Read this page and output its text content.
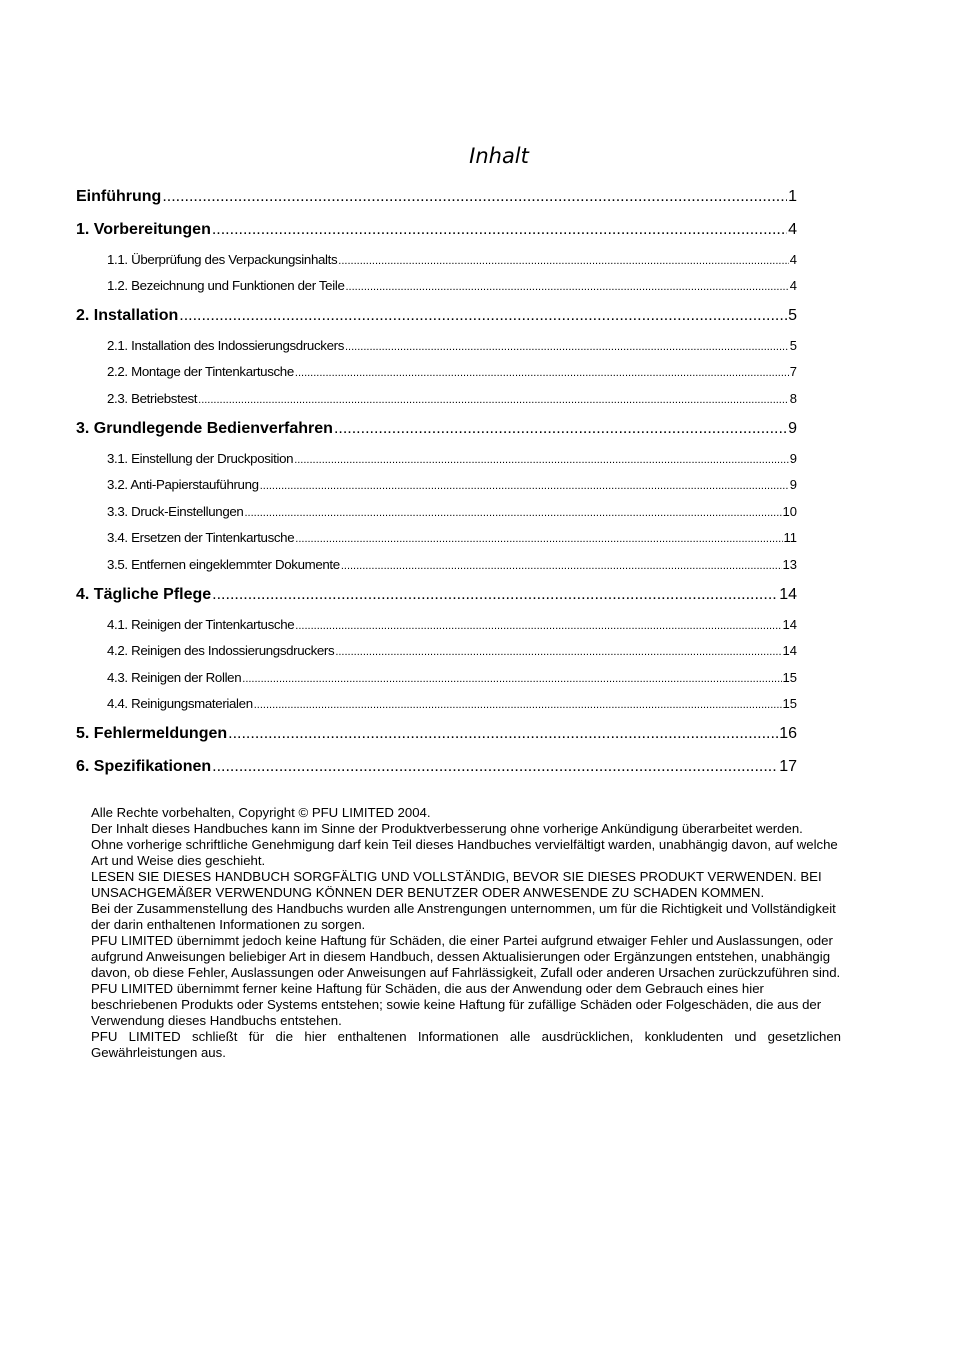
Inhalt
Einführung .....	1
1. Vorbereitungen .....	4
1.1. Überprüfung des Verpackungsinhalts .....	4
1.2. Bezeichnung und Funktionen der Teile .....	4
2. Installation .....	5
2.1. Installation des Indossierungsdruckers .....	5
2.2. Montage der Tintenkartusche .....	7
2.3. Betriebstest .....	8
3. Grundlegende Bedienverfahren .....	9
3.1. Einstellung der Druckposition .....	9
3.2. Anti-Papierstauführung .....	9
3.3. Druck-Einstellungen .....	10
3.4. Ersetzen der Tintenkartusche .....	11
3.5. Entfernen eingeklemmter Dokumente .....	13
4. Tägliche Pflege .....	14
4.1. Reinigen der Tintenkartusche .....	14
4.2. Reinigen des Indossierungsdruckers .....	14
4.3. Reinigen der Rollen .....	15
4.4. Reinigungsmaterialen .....	15
5. Fehlermeldungen .....	16
6. Spezifikationen .....	17

Alle Rechte vorbehalten, Copyright © PFU LIMITED 2004.

Der Inhalt dieses Handbuches kann im Sinne der Produktverbesserung ohne vorherige Ankündigung überarbeitet werden.

Ohne vorherige schriftliche Genehmigung darf kein Teil dieses Handbuches vervielfältigt warden, unabhängig davon, auf welche Art und Weise dies geschieht.

LESEN SIE DIESES HANDBUCH SORGFÄLTIG UND VOLLSTÄNDIG, BEVOR SIE DIESES PRODUKT VERWENDEN. BEI UNSACHGEMÄßER VERWENDUNG KÖNNEN DER BENUTZER ODER ANWESENDE ZU SCHADEN KOMMEN.

Bei der Zusammenstellung des Handbuchs wurden alle Anstrengungen unternommen, um für die Richtigkeit und Vollständigkeit der darin enthaltenen Informationen zu sorgen.

PFU LIMITED übernimmt jedoch keine Haftung für Schäden, die einer Partei aufgrund etwaiger Fehler und Auslassungen, oder aufgrund Anweisungen beliebiger Art in diesem Handbuch, dessen Aktualisierungen oder Ergänzungen entstehen, unabhängig davon, ob diese Fehler, Auslassungen oder Anweisungen auf Fahrlässigkeit, Zufall oder anderen Ursachen zurückzuführen sind. PFU LIMITED übernimmt ferner keine Haftung für Schäden, die aus der Anwendung oder dem Gebrauch eines hier beschriebenen Produkts oder Systems entstehen; sowie keine Haftung für zufällige Schäden oder Folgeschäden, die aus der Verwendung dieses Handbuchs entstehen.

PFU LIMITED schließt für die hier enthaltenen Informationen alle ausdrücklichen, konkludenten und gesetzlichen Gewährleistungen aus.
